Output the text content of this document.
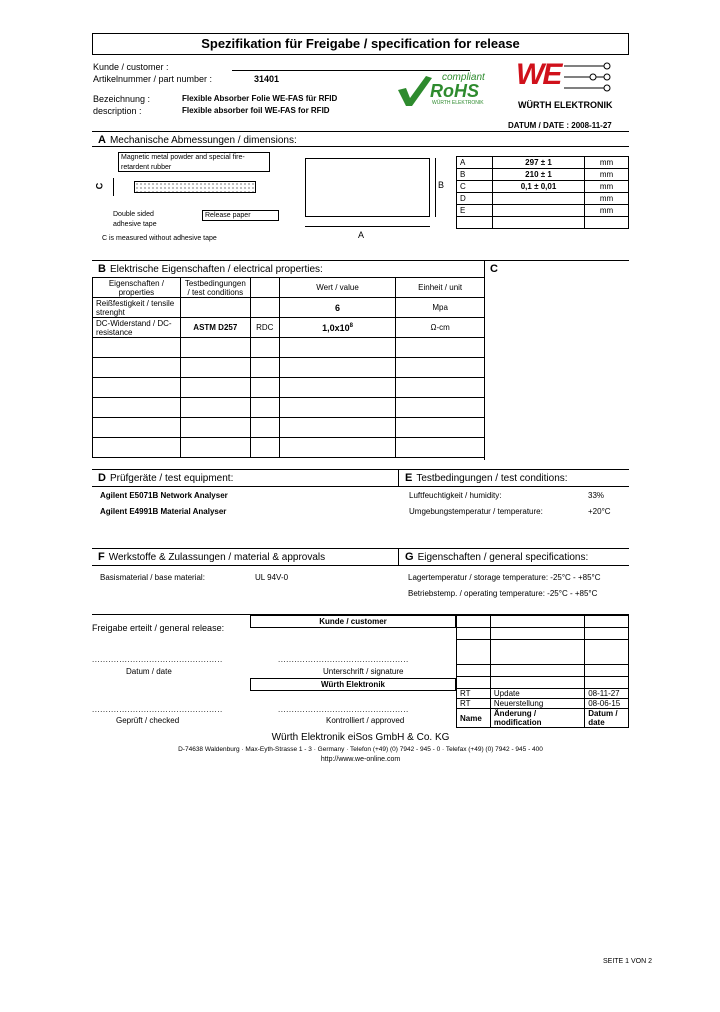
Spezifikation für Freigabe / specification for release
Kunde / customer :
Artikelnummer / part number :	31401
Bezeichnung :	Flexible Absorber Folie WE-FAS für RFID
description :	Flexible absorber foil WE-FAS for RFID
compliant
RoHS
WÜRTH ELEKTRONIK
WE
WÜRTH ELEKTRONIK
DATUM / DATE : 2008-11-27
A Mechanische Abmessungen / dimensions:
Magnetic metal powder and special fire-retardent rubber
C
Double sided adhesive tape
Release paper
C is measured without adhesive tape
B
A
A	297 ± 1	mm
B	210 ± 1	mm
C	0,1 ± 0,01	mm
D		mm
E		mm

B Elektrische Eigenschaften / electrical properties:	C
Eigenschaften / properties	Testbedingungen / test conditions		Wert / value	Einheit / unit
Reißfestigkeit / tensile strenght			6	Mpa
DC-Widerstand / DC-resistance	ASTM D257	RDC	$1,0x10^8$	Ω-cm

D Prüfgeräte / test equipment:	E Testbedingungen / test conditions:
Agilent E5071B Network Analyser
Agilent E4991B Material Analyser
Luftfeuchtigkeit / humidity:	33%
Umgebungstemperatur / temperature:	+20°C
F Werkstoffe & Zulassungen / material & approvals	G Eigenschaften / general specifications:
Basismaterial / base material:	UL 94V-0	Lagertemperatur / storage temperature: -25°C - +85°C
Betriebstemp. / operating temperature: -25°C - +85°C
Freigabe erteilt / general release:
Kunde / customer
Würth Elektronik
................................................	................................................
Datum / date	Unterschrift / signature
................................................	................................................
Geprüft / checked	Kontrolliert / approved

RT	Update	08-11-27
RT	Neuerstellung	08-06-15
Name	Änderung / modification	Datum / date
Würth Elektronik eiSos GmbH & Co. KG
D-74638 Waldenburg · Max-Eyth-Strasse 1 - 3 · Germany · Telefon (+49) (0) 7942 - 945 - 0 · Telefax (+49) (0) 7942 - 945 - 400
http://www.we-online.com
SEITE 1 VON 2
